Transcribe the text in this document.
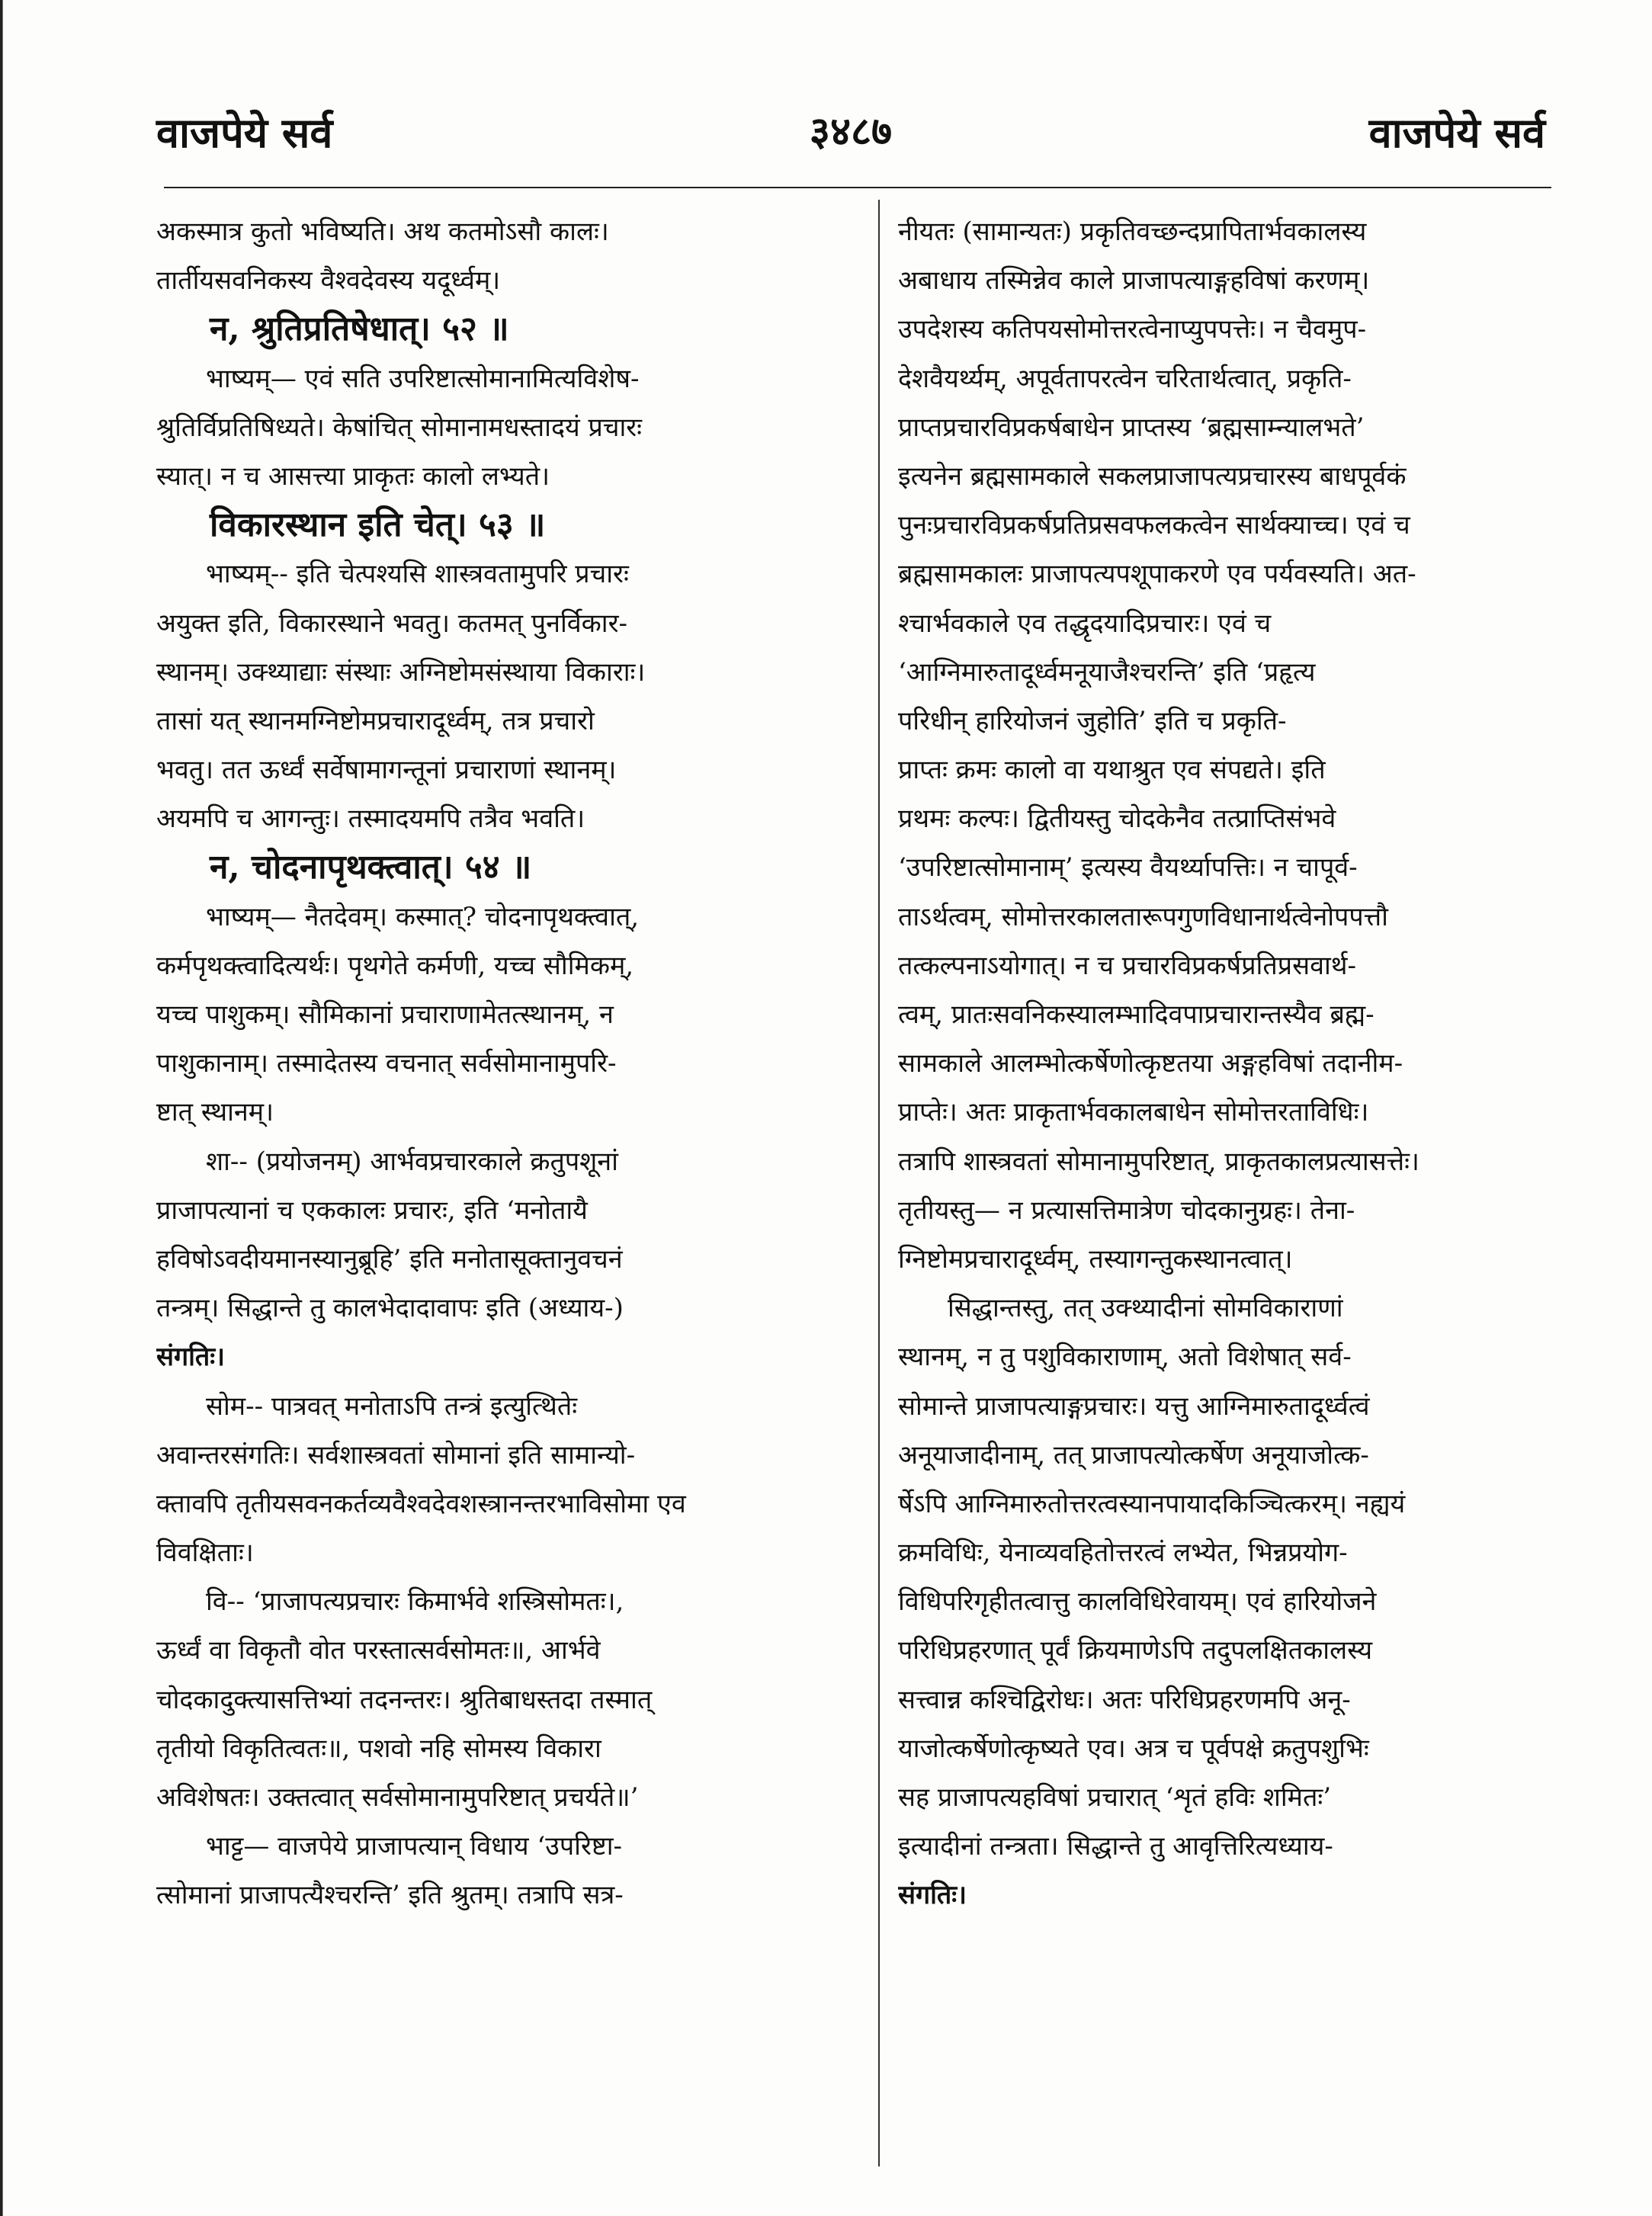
वाजपेये सर्व	३४८७	वाजपेये सर्व
अकस्मात्र कुतो भविष्यति। अथ कतमोऽसौ कालः।
तार्तीयसवनिकस्य वैश्वदेवस्य यदूर्ध्वम्।
न, श्रुतिप्रतिषेधात्। ५२ ॥
भाष्यम्— एवं सति उपरिष्टात्सोमानामित्यविशेष-
श्रुतिर्विप्रतिषिध्यते। केषांचित् सोमानामधस्तादयं प्रचारः
स्यात्। न च आसत्त्या प्राकृतः कालो लभ्यते।
विकारस्थान इति चेत्। ५३ ॥
भाष्यम्-- इति चेत्पश्यसि शास्त्रवतामुपरि प्रचारः
अयुक्त इति, विकारस्थाने भवतु। कतमत् पुनर्विकार-
स्थानम्। उक्थ्याद्याः संस्थाः अग्निष्टोमसंस्थाया विकाराः।
तासां यत् स्थानमग्निष्टोमप्रचारादूर्ध्वम्, तत्र प्रचारो
भवतु। तत ऊर्ध्वं सर्वेषामागन्तूनां प्रचाराणां स्थानम्।
अयमपि च आगन्तुः। तस्मादयमपि तत्रैव भवति।
न, चोदनापृथक्त्वात्। ५४ ॥
भाष्यम्— नैतदेवम्। कस्मात्? चोदनापृथक्त्वात्,
कर्मपृथक्त्वादित्यर्थः। पृथगेते कर्मणी, यच्च सौमिकम्,
यच्च पाशुकम्। सौमिकानां प्रचाराणामेतत्स्थानम्, न
पाशुकानाम्। तस्मादेतस्य वचनात् सर्वसोमानामुपरि-
ष्टात् स्थानम्।
शा-- (प्रयोजनम्) आर्भवप्रचारकाले क्रतुपशूनां
प्राजापत्यानां च एककालः प्रचारः, इति ‘मनोतायै
हविषोऽवदीयमानस्यानुब्रूहि’ इति मनोतासूक्तानुवचनं
तन्त्रम्। सिद्धान्ते तु कालभेदादावापः इति (अध्याय-)
संगतिः।
सोम-- पात्रवत् मनोताऽपि तन्त्रं इत्युत्थितेः
अवान्तरसंगतिः। सर्वशास्त्रवतां सोमानां इति सामान्यो-
क्तावपि तृतीयसवनकर्तव्यवैश्वदेवशस्त्रानन्तरभाविसोमा एव
विवक्षिताः।
वि-- ‘प्राजापत्यप्रचारः किमार्भवे शस्त्रिसोमतः।,
ऊर्ध्वं वा विकृतौ वोत परस्तात्सर्वसोमतः॥, आर्भवे
चोदकादुक्त्यासत्तिभ्यां तदनन्तरः। श्रुतिबाधस्तदा तस्मात्
तृतीयो विकृतित्वतः॥, पशवो नहि सोमस्य विकारा
अविशेषतः। उक्तत्वात् सर्वसोमानामुपरिष्टात् प्रचर्यते॥’
भाट्ट— वाजपेये प्राजापत्यान् विधाय ‘उपरिष्टा-
त्सोमानां प्राजापत्यैश्चरन्ति’ इति श्रुतम्। तत्रापि सत्र-
नीयतः (सामान्यतः) प्रकृतिवच्छन्दप्रापितार्भवकालस्य
अबाधाय तस्मिन्नेव काले प्राजापत्याङ्गहविषां करणम्।
उपदेशस्य कतिपयसोमोत्तरत्वेनाप्युपपत्तेः। न चैवमुप-
देशवैयर्थ्यम्, अपूर्वतापरत्वेन चरितार्थत्वात्, प्रकृति-
प्राप्तप्रचारविप्रकर्षबाधेन प्राप्तस्य ‘ब्रह्मसाम्न्यालभते’
इत्यनेन ब्रह्मसामकाले सकलप्राजापत्यप्रचारस्य बाधपूर्वकं
पुनःप्रचारविप्रकर्षप्रतिप्रसवफलकत्वेन सार्थक्याच्च। एवं च
ब्रह्मसामकालः प्राजापत्यपशूपाकरणे एव पर्यवस्यति। अत-
श्चार्भवकाले एव तद्धृदयादिप्रचारः। एवं च
‘आग्निमारुतादूर्ध्वमनूयाजैश्चरन्ति’ इति ‘प्रहृत्य
परिधीन् हारियोजनं जुहोति’ इति च प्रकृति-
प्राप्तः क्रमः कालो वा यथाश्रुत एव संपद्यते। इति
प्रथमः कल्पः। द्वितीयस्तु चोदकेनैव तत्प्राप्तिसंभवे
‘उपरिष्टात्सोमानाम्’ इत्यस्य वैयर्थ्यापत्तिः। न चापूर्व-
ताऽर्थत्वम्, सोमोत्तरकालतारूपगुणविधानार्थत्वेनोपपत्तौ
तत्कल्पनाऽयोगात्। न च प्रचारविप्रकर्षप्रतिप्रसवार्थ-
त्वम्, प्रातःसवनिकस्यालम्भादिवपाप्रचारान्तस्यैव ब्रह्म-
सामकाले आलम्भोत्कर्षेणोत्कृष्टतया अङ्गहविषां तदानीम-
प्राप्तेः। अतः प्राकृतार्भवकालबाधेन सोमोत्तरताविधिः।
तत्रापि शास्त्रवतां सोमानामुपरिष्टात्, प्राकृतकालप्रत्यासत्तेः।
तृतीयस्तु— न प्रत्यासत्तिमात्रेण चोदकानुग्रहः। तेना-
ग्निष्टोमप्रचारादूर्ध्वम्, तस्यागन्तुकस्थानत्वात्।
सिद्धान्तस्तु, तत् उक्थ्यादीनां सोमविकाराणां
स्थानम्, न तु पशुविकाराणाम्, अतो विशेषात् सर्व-
सोमान्ते प्राजापत्याङ्गप्रचारः। यत्तु आग्निमारुतादूर्ध्वत्वं
अनूयाजादीनाम्, तत् प्राजापत्योत्कर्षेण अनूयाजोत्क-
र्षेऽपि आग्निमारुतोत्तरत्वस्यानपायादकिञ्चित्करम्। नह्ययं
क्रमविधिः, येनाव्यवहितोत्तरत्वं लभ्येत, भिन्नप्रयोग-
विधिपरिगृहीतत्वात्तु कालविधिरेवायम्। एवं हारियोजने
परिधिप्रहरणात् पूर्वं क्रियमाणेऽपि तदुपलक्षितकालस्य
सत्त्वान्न कश्चिद्विरोधः। अतः परिधिप्रहरणमपि अनू-
याजोत्कर्षेणोत्कृष्यते एव। अत्र च पूर्वपक्षे क्रतुपशुभिः
सह प्राजापत्यहविषां प्रचारात् ‘शृतं हविः शमितः’
इत्यादीनां तन्त्रता। सिद्धान्ते तु आवृत्तिरित्यध्याय-
संगतिः।
